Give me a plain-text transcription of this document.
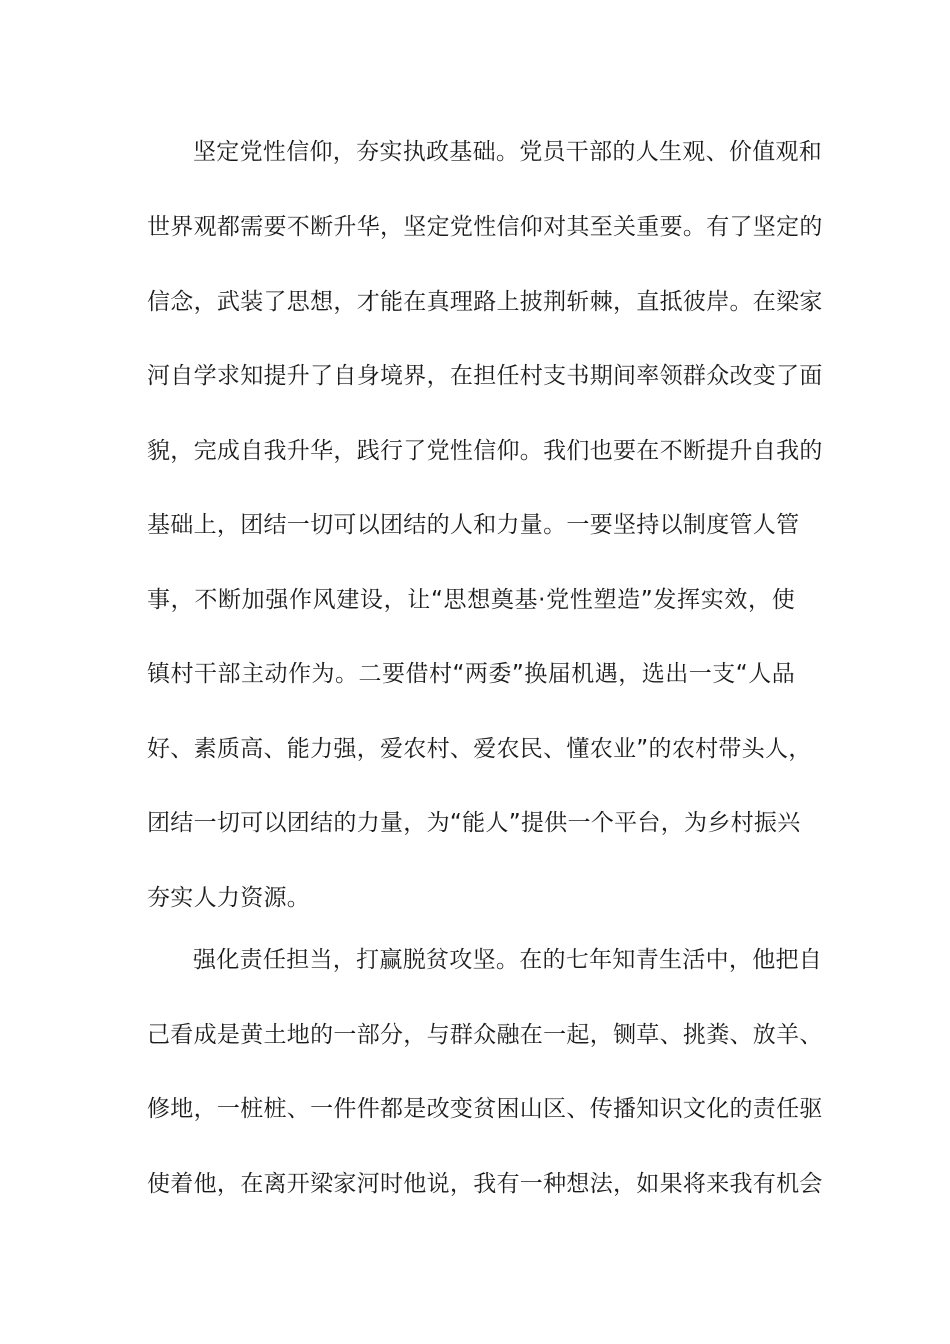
坚定党性信仰，夯实执政基础。党员干部的人生观、价值观和
世界观都需要不断升华，坚定党性信仰对其至关重要。有了坚定的
信念，武装了思想，才能在真理路上披荆斩棘，直抵彼岸。在梁家
河自学求知提升了自身境界，在担任村支书期间率领群众改变了面
貌，完成自我升华，践行了党性信仰。我们也要在不断提升自我的
基础上，团结一切可以团结的人和力量。一要坚持以制度管人管
事，不断加强作风建设，让“思想奠基·党性塑造”发挥实效，使
镇村干部主动作为。二要借村“两委”换届机遇，选出一支“人品
好、素质高、能力强，爱农村、爱农民、懂农业”的农村带头人，
团结一切可以团结的力量，为“能人”提供一个平台，为乡村振兴
夯实人力资源。
强化责任担当，打赢脱贫攻坚。在的七年知青生活中，他把自
己看成是黄土地的一部分，与群众融在一起，铡草、挑粪、放羊、
修地，一桩桩、一件件都是改变贫困山区、传播知识文化的责任驱
使着他，在离开梁家河时他说，我有一种想法，如果将来我有机会
